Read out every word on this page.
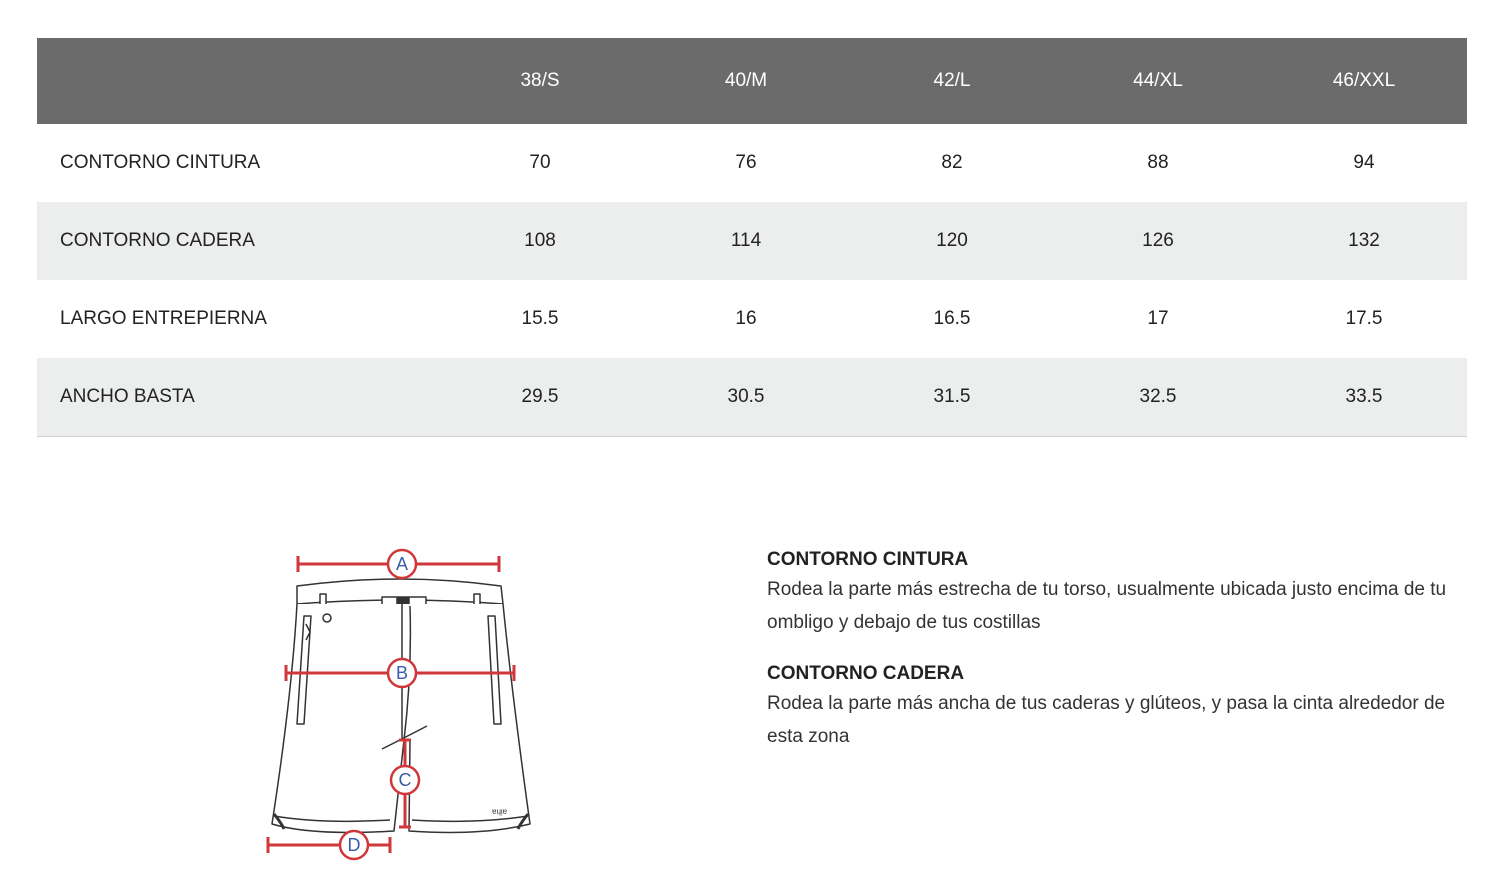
	38/S	40/M	42/L	44/XL	46/XXL
CONTORNO CINTURA	70	76	82	88	94
CONTORNO CADERA	108	114	120	126	132
LARGO ENTREPIERNA	15.5	16	16.5	17	17.5
ANCHO BASTA	29.5	30.5	31.5	32.5	33.5
ɐɥᴉɐ
A
B
C
D
CONTORNO CINTURA
Rodea la parte más estrecha de tu torso, usualmente ubicada justo encima de tu ombligo y debajo de tus costillas
CONTORNO CADERA
Rodea la parte más ancha de tus caderas y glúteos, y pasa la cinta alrededor de esta zona
